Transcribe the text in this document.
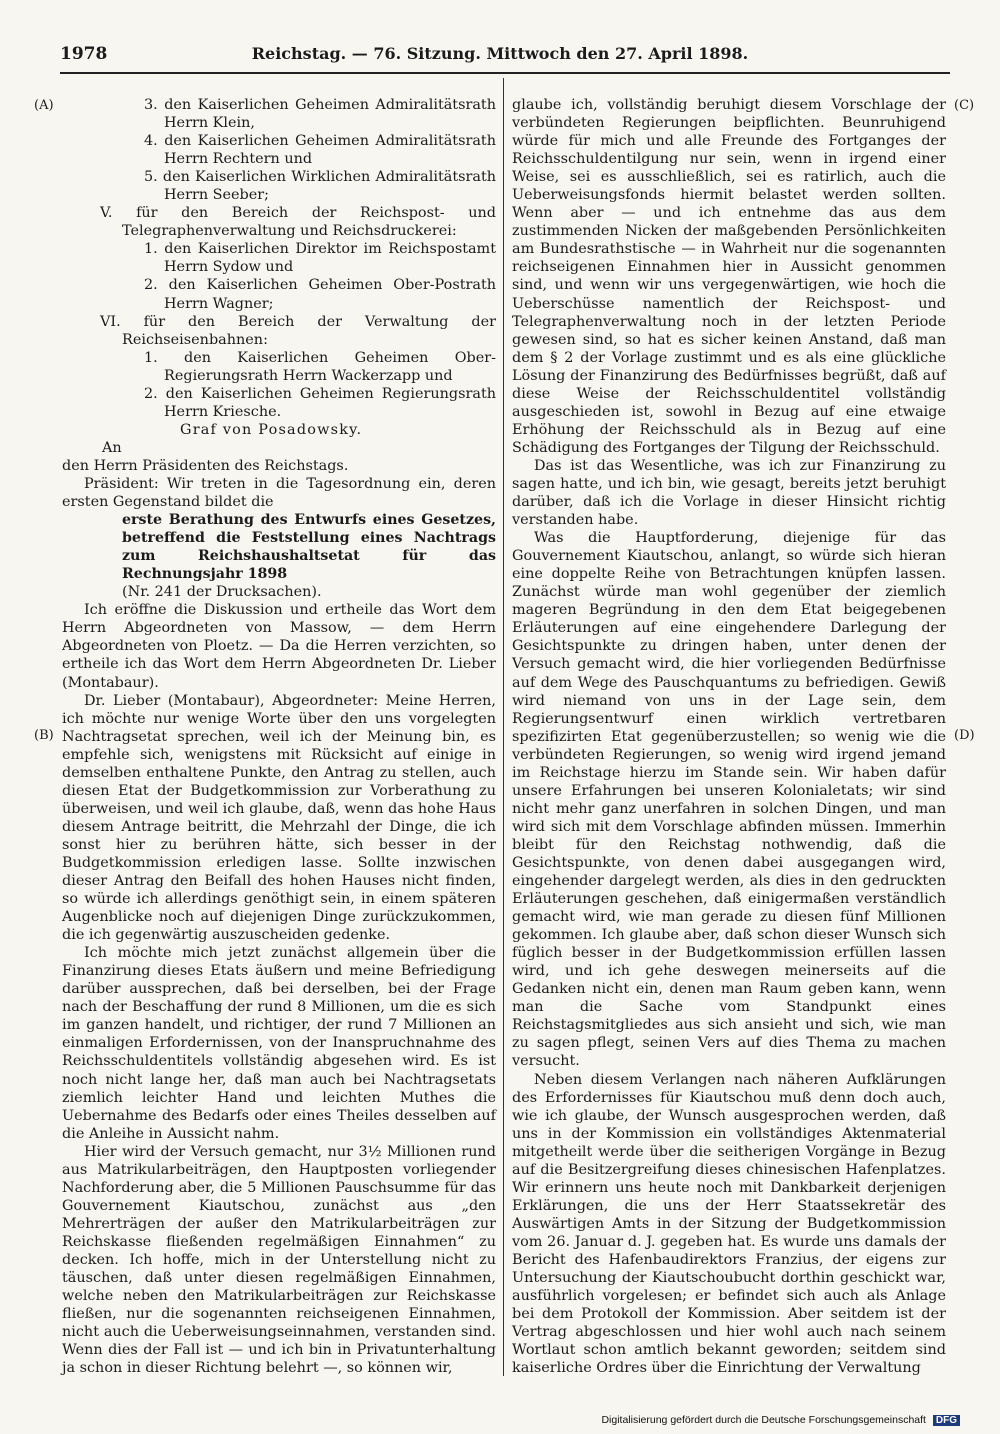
1978	Reichstag. — 76. Sitzung. Mittwoch den 27. April 1898.
(A)
(B)
(C)
(D)

3. den Kaiserlichen Geheimen Admiralitätsrath Herrn Klein,

4. den Kaiserlichen Geheimen Admiralitätsrath Herrn Rechtern und

5. den Kaiserlichen Wirklichen Admiralitätsrath Herrn Seeber;

V. für den Bereich der Reichspost- und Telegraphenverwaltung und Reichsdruckerei:

1. den Kaiserlichen Direktor im Reichspostamt Herrn Sydow und

2. den Kaiserlichen Geheimen Ober-Postrath Herrn Wagner;

VI. für den Bereich der Verwaltung der Reichseisenbahnen:

1. den Kaiserlichen Geheimen Ober-Regierungsrath Herrn Wackerzapp und

2. den Kaiserlichen Geheimen Regierungsrath Herrn Kriesche.

Graf von Posadowsky.

An

den Herrn Präsidenten des Reichstags.

Präsident: Wir treten in die Tagesordnung ein, deren ersten Gegenstand bildet die

erste Berathung des Entwurfs eines Gesetzes, betreffend die Feststellung eines Nachtrags zum Reichshaushaltsetat für das Rechnungsjahr 1898

(Nr. 241 der Drucksachen).

Ich eröffne die Diskussion und ertheile das Wort dem Herrn Abgeordneten von Massow, — dem Herrn Abgeordneten von Ploetz. — Da die Herren verzichten, so ertheile ich das Wort dem Herrn Abgeordneten Dr. Lieber (Montabaur).

Dr. Lieber (Montabaur), Abgeordneter: Meine Herren, ich möchte nur wenige Worte über den uns vorgelegten Nachtragsetat sprechen, weil ich der Meinung bin, es empfehle sich, wenigstens mit Rücksicht auf einige in demselben enthaltene Punkte, den Antrag zu stellen, auch diesen Etat der Budgetkommission zur Vorberathung zu überweisen, und weil ich glaube, daß, wenn das hohe Haus diesem Antrage beitritt, die Mehrzahl der Dinge, die ich sonst hier zu berühren hätte, sich besser in der Budgetkommission erledigen lasse. Sollte inzwischen dieser Antrag den Beifall des hohen Hauses nicht finden, so würde ich allerdings genöthigt sein, in einem späteren Augenblicke noch auf diejenigen Dinge zurückzukommen, die ich gegenwärtig auszuscheiden gedenke.

Ich möchte mich jetzt zunächst allgemein über die Finanzirung dieses Etats äußern und meine Befriedigung darüber aussprechen, daß bei derselben, bei der Frage nach der Beschaffung der rund 8 Millionen, um die es sich im ganzen handelt, und richtiger, der rund 7 Millionen an einmaligen Erfordernissen, von der Inanspruchnahme des Reichsschuldentitels vollständig abgesehen wird. Es ist noch nicht lange her, daß man auch bei Nachtragsetats ziemlich leichter Hand und leichten Muthes die Uebernahme des Bedarfs oder eines Theiles desselben auf die Anleihe in Aussicht nahm.

Hier wird der Versuch gemacht, nur 3½ Millionen rund aus Matrikularbeiträgen, den Hauptposten vorliegender Nachforderung aber, die 5 Millionen Pauschsumme für das Gouvernement Kiautschou, zunächst aus „den Mehrerträgen der außer den Matrikularbeiträgen zur Reichskasse fließenden regelmäßigen Einnahmen“ zu decken. Ich hoffe, mich in der Unterstellung nicht zu täuschen, daß unter diesen regelmäßigen Einnahmen, welche neben den Matrikularbeiträgen zur Reichskasse fließen, nur die sogenannten reichseigenen Einnahmen, nicht auch die Ueberweisungseinnahmen, verstanden sind. Wenn dies der Fall ist — und ich bin in Privatunterhaltung ja schon in dieser Richtung belehrt —, so können wir,

glaube ich, vollständig beruhigt diesem Vorschlage der verbündeten Regierungen beipflichten. Beunruhigend würde für mich und alle Freunde des Fortganges der Reichsschuldentilgung nur sein, wenn in irgend einer Weise, sei es ausschließlich, sei es ratirlich, auch die Ueberweisungsfonds hiermit belastet werden sollten. Wenn aber — und ich entnehme das aus dem zustimmenden Nicken der maßgebenden Persönlichkeiten am Bundesrathstische — in Wahrheit nur die sogenannten reichseigenen Einnahmen hier in Aussicht genommen sind, und wenn wir uns vergegenwärtigen, wie hoch die Ueberschüsse namentlich der Reichspost- und Telegraphenverwaltung noch in der letzten Periode gewesen sind, so hat es sicher keinen Anstand, daß man dem § 2 der Vorlage zustimmt und es als eine glückliche Lösung der Finanzirung des Bedürfnisses begrüßt, daß auf diese Weise der Reichsschuldentitel vollständig ausgeschieden ist, sowohl in Bezug auf eine etwaige Erhöhung der Reichsschuld als in Bezug auf eine Schädigung des Fortganges der Tilgung der Reichsschuld.

Das ist das Wesentliche, was ich zur Finanzirung zu sagen hatte, und ich bin, wie gesagt, bereits jetzt beruhigt darüber, daß ich die Vorlage in dieser Hinsicht richtig verstanden habe.

Was die Hauptforderung, diejenige für das Gouvernement Kiautschou, anlangt, so würde sich hieran eine doppelte Reihe von Betrachtungen knüpfen lassen. Zunächst würde man wohl gegenüber der ziemlich mageren Begründung in den dem Etat beigegebenen Erläuterungen auf eine eingehendere Darlegung der Gesichtspunkte zu dringen haben, unter denen der Versuch gemacht wird, die hier vorliegenden Bedürfnisse auf dem Wege des Pauschquantums zu befriedigen. Gewiß wird niemand von uns in der Lage sein, dem Regierungsentwurf einen wirklich vertretbaren spezifizirten Etat gegenüberzustellen; so wenig wie die verbündeten Regierungen, so wenig wird irgend jemand im Reichstage hierzu im Stande sein. Wir haben dafür unsere Erfahrungen bei unseren Kolonialetats; wir sind nicht mehr ganz unerfahren in solchen Dingen, und man wird sich mit dem Vorschlage abfinden müssen. Immerhin bleibt für den Reichstag nothwendig, daß die Gesichtspunkte, von denen dabei ausgegangen wird, eingehender dargelegt werden, als dies in den gedruckten Erläuterungen geschehen, daß einigermaßen verständlich gemacht wird, wie man gerade zu diesen fünf Millionen gekommen. Ich glaube aber, daß schon dieser Wunsch sich füglich besser in der Budgetkommission erfüllen lassen wird, und ich gehe deswegen meinerseits auf die Gedanken nicht ein, denen man Raum geben kann, wenn man die Sache vom Standpunkt eines Reichstagsmitgliedes aus sich ansieht und sich, wie man zu sagen pflegt, seinen Vers auf dies Thema zu machen versucht.

Neben diesem Verlangen nach näheren Aufklärungen des Erfordernisses für Kiautschou muß denn doch auch, wie ich glaube, der Wunsch ausgesprochen werden, daß uns in der Kommission ein vollständiges Aktenmaterial mitgetheilt werde über die seitherigen Vorgänge in Bezug auf die Besitzergreifung dieses chinesischen Hafenplatzes. Wir erinnern uns heute noch mit Dankbarkeit derjenigen Erklärungen, die uns der Herr Staatssekretär des Auswärtigen Amts in der Sitzung der Budgetkommission vom 26. Januar d. J. gegeben hat. Es wurde uns damals der Bericht des Hafenbaudirektors Franzius, der eigens zur Untersuchung der Kiautschoubucht dorthin geschickt war, ausführlich vorgelesen; er befindet sich auch als Anlage bei dem Protokoll der Kommission. Aber seitdem ist der Vertrag abgeschlossen und hier wohl auch nach seinem Wortlaut schon amtlich bekannt geworden; seitdem sind kaiserliche Ordres über die Einrichtung der Verwaltung

Digitalisierung gefördert durch die Deutsche Forschungsgemeinschaft DFG
